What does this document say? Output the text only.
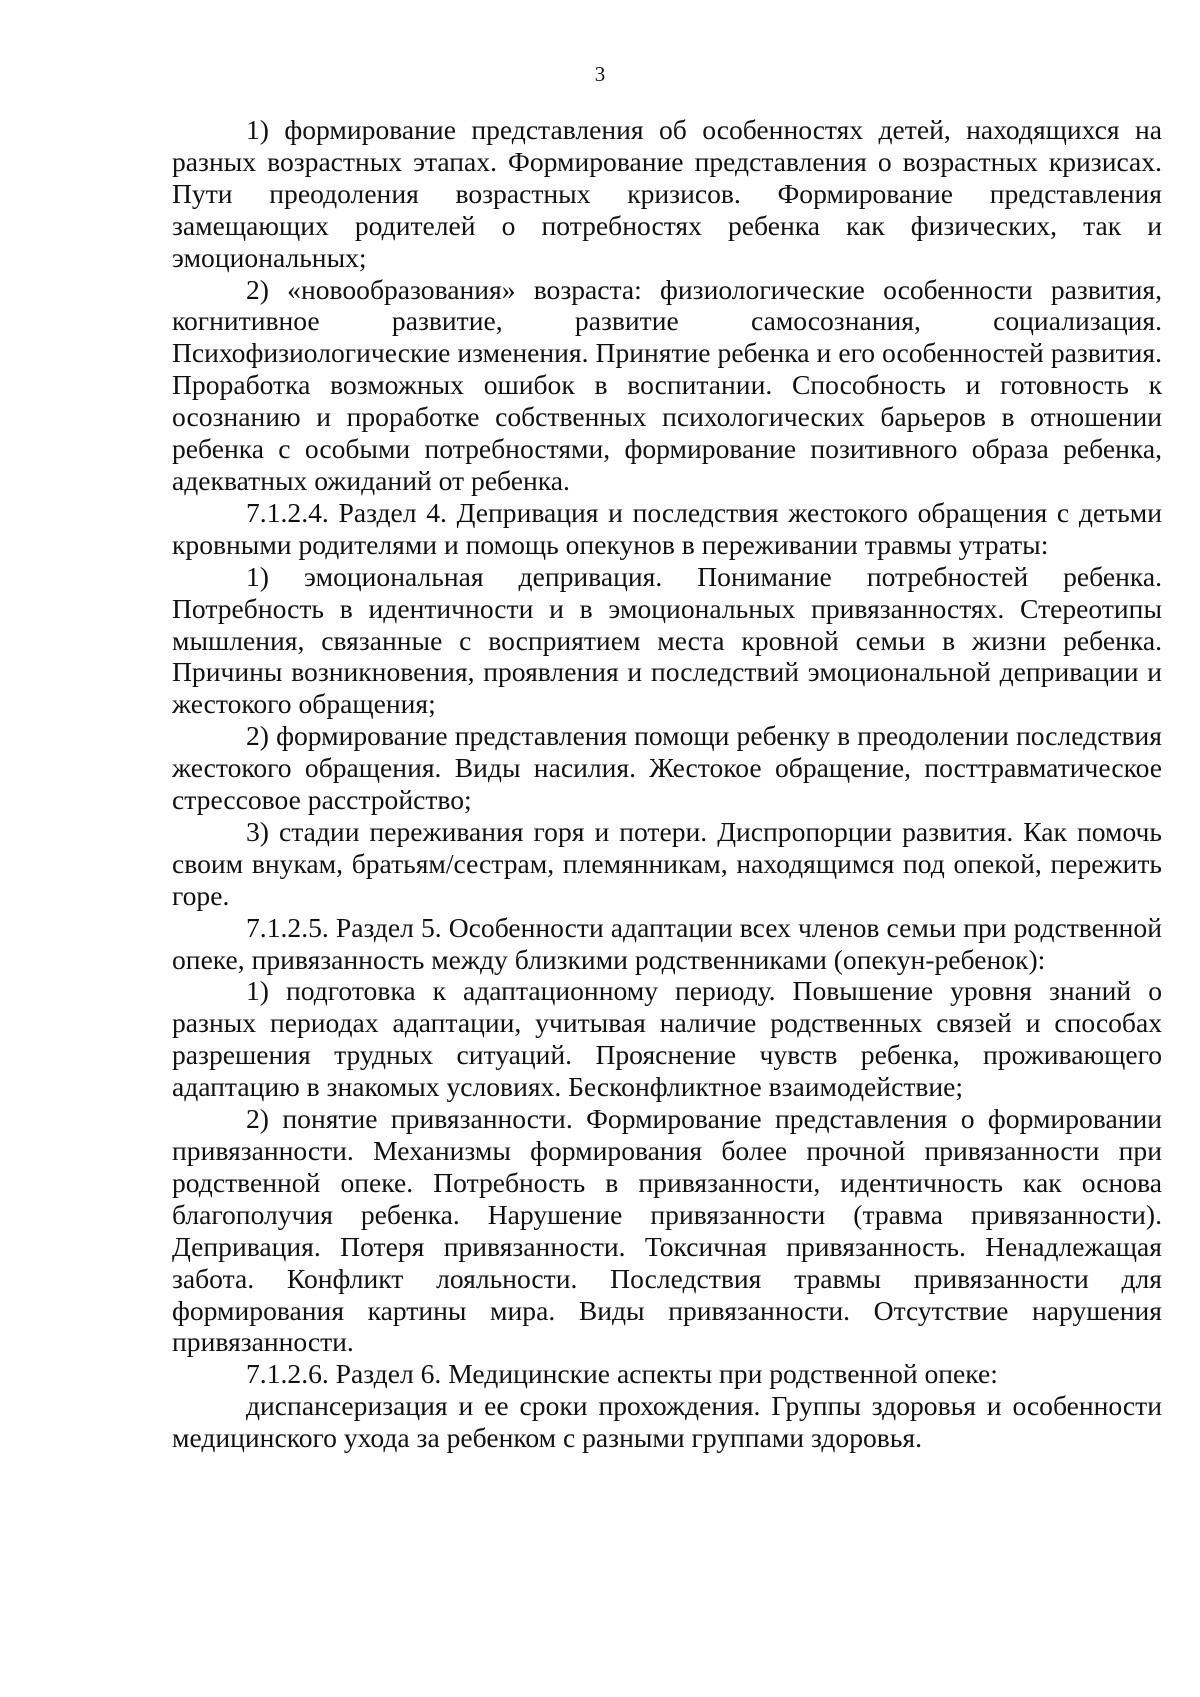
3

1) формирование представления об особенностях детей, находящихся на разных возрастных этапах. Формирование представления о возрастных кризисах. Пути преодоления возрастных кризисов. Формирование представления замещающих родителей о потребностях ребенка как физических, так и эмоциональных;

2) «новообразования» возраста: физиологические особенности развития, когнитивное развитие, развитие самосознания, социализация. Психофизиологические изменения. Принятие ребенка и его особенностей развития. Проработка возможных ошибок в воспитании. Способность и готовность к осознанию и проработке собственных психологических барьеров в отношении ребенка с особыми потребностями, формирование позитивного образа ребенка, адекватных ожиданий от ребенка.

7.1.2.4. Раздел 4. Депривация и последствия жестокого обращения с детьми кровными родителями и помощь опекунов в переживании травмы утраты:

1) эмоциональная депривация. Понимание потребностей ребенка. Потребность в идентичности и в эмоциональных привязанностях. Стереотипы мышления, связанные с восприятием места кровной семьи в жизни ребенка. Причины возникновения, проявления и последствий эмоциональной депривации и жестокого обращения;

2) формирование представления помощи ребенку в преодолении последствия жестокого обращения. Виды насилия. Жестокое обращение, посттравматическое стрессовое расстройство;

3) стадии переживания горя и потери. Диспропорции развития. Как помочь своим внукам, братьям/сестрам, племянникам, находящимся под опекой, пережить горе.

7.1.2.5. Раздел 5. Особенности адаптации всех членов семьи при родственной опеке, привязанность между близкими родственниками (опекун-ребенок):

1) подготовка к адаптационному периоду. Повышение уровня знаний о разных периодах адаптации, учитывая наличие родственных связей и способах разрешения трудных ситуаций. Прояснение чувств ребенка, проживающего адаптацию в знакомых условиях. Бесконфликтное взаимодействие;

2) понятие привязанности. Формирование представления о формировании привязанности. Механизмы формирования более прочной привязанности при родственной опеке. Потребность в привязанности, идентичность как основа благополучия ребенка. Нарушение привязанности (травма привязанности). Депривация. Потеря привязанности. Токсичная привязанность. Ненадлежащая забота. Конфликт лояльности. Последствия травмы привязанности для формирования картины мира. Виды привязанности. Отсутствие нарушения привязанности.

7.1.2.6. Раздел 6. Медицинские аспекты при родственной опеке:

диспансеризация и ее сроки прохождения. Группы здоровья и особенности медицинского ухода за ребенком с разными группами здоровья.
